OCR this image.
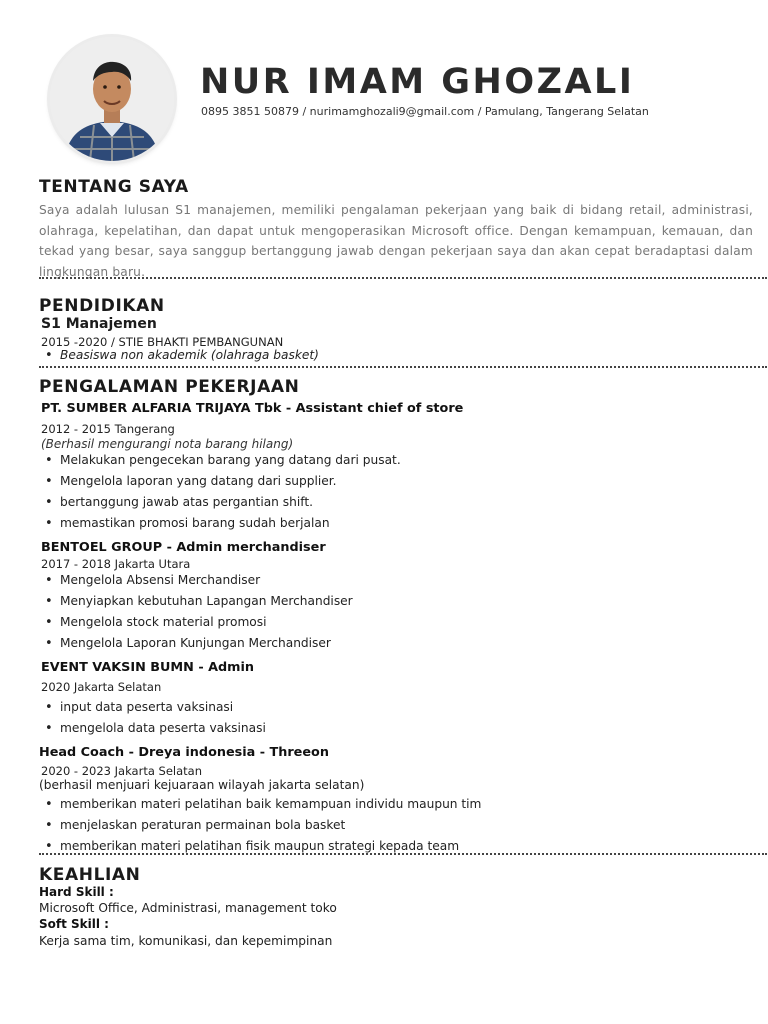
NUR IMAM GHOZALI
0895 3851 50879 / nurimamghozali9@gmail.com / Pamulang, Tangerang Selatan
TENTANG SAYA

Saya adalah lulusan S1 manajemen, memiliki pengalaman pekerjaan yang baik di bidang retail, administrasi, olahraga, kepelatihan, dan dapat untuk mengoperasikan Microsoft office. Dengan kemampuan, kemauan, dan tekad yang besar, saya sanggup bertanggung jawab dengan pekerjaan saya dan akan cepat beradaptasi dalam lingkungan baru.

PENDIDIKAN
S1 Manajemen
2015 -2020 / STIE BHAKTI PEMBANGUNAN
• Beasiswa non akademik (olahraga basket)
PENGALAMAN PEKERJAAN
PT. SUMBER ALFARIA TRIJAYA Tbk - Assistant chief of store
2012 - 2015 Tangerang
(Berhasil mengurangi nota barang hilang)
• Melakukan pengecekan barang yang datang dari pusat.
• Mengelola laporan yang datang dari supplier.
• bertanggung jawab atas pergantian shift.
• memastikan promosi barang sudah berjalan
BENTOEL GROUP - Admin merchandiser
2017 - 2018 Jakarta Utara
• Mengelola Absensi Merchandiser
• Menyiapkan kebutuhan Lapangan Merchandiser
• Mengelola stock material promosi
• Mengelola Laporan Kunjungan Merchandiser
EVENT VAKSIN BUMN - Admin
2020 Jakarta Selatan
• input data peserta vaksinasi
• mengelola data peserta vaksinasi
Head Coach - Dreya indonesia - Threeon
2020 - 2023 Jakarta Selatan
(berhasil menjuari kejuaraan wilayah jakarta selatan)
• memberikan materi pelatihan baik kemampuan individu maupun tim
• menjelaskan peraturan permainan bola basket
• memberikan materi pelatihan fisik maupun strategi kepada team
KEAHLIAN
Hard Skill :
Microsoft Office, Administrasi, management toko
Soft Skill :
Kerja sama tim, komunikasi, dan kepemimpinan
